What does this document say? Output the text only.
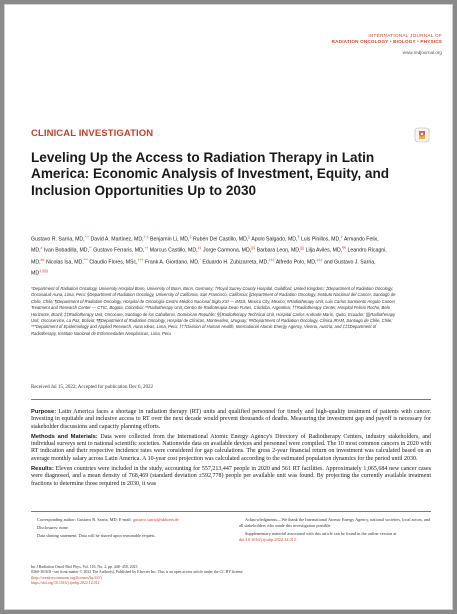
INTERNATIONAL JOURNAL OF
RADIATION ONCOLOGY • BIOLOGY • PHYSICS
www.redjournal.org
CLINICAL INVESTIGATION
Leveling Up the Access to Radiation Therapy in Latin America: Economic Analysis of Investment, Equity, and Inclusion Opportunities Up to 2030
Gustavo R. Sarria, MD,*,† David A. Martinez, MD,†,‡ Benjamin Li, MD,§ Rubén Del Castillo, MD,|| Apolo Salgado, MD,¶ Luis Pinillos, MD,‡ Armando Felix, MD,# Ivan Bobadilla, MD,** Gustavo Ferraris, MD,†† Marcus Castillo, MD,‡‡ Jorge Carmona, MD,§§ Barbara Leon, MD,|||| Lilja Aviles, MD,¶¶ Leandro Ricagni, MD,## Nicolas Isa, MD,*** Claudio Flores, MSc,††† Frank A. Giordano, MD,* Eduardo H. Zubizarreta, MD,‡‡‡ Alfredo Polo, MD,‡‡‡ and Gustavo J. Sarria, MD‡,§§§
*Department of Radiation Oncology, University Hospital Bonn, University of Bonn, Bonn, Germany; †Royal Surrey County Hospital, Guildford, United Kingdom; ‡Department of Radiation Oncology, Oncosalud-Auna, Lima, Peru; §Department of Radiation Oncology, University of California, San Francisco, California; ||Department of Radiation Oncology, Instituto Nacional del Cancer, Santiago de Chile, Chile; ¶Department of Radiation Oncology, Hospital de Oncología Centro Médico Nacional Siglo XXI — IMSS, Mexico City, Mexico; #Radiotherapy Unit, Luis Carlos Sarmiento Angulo Cancer Treatment and Research Center — CTIC, Bogota, Colombia; **Radiotherapy Unit, Centro de Radioterapia Dean Funes, Córdoba, Argentina; ††Radiotherapy Center, Hospital Felicio Rocho, Belo Horizonte, Brazil; ‡‡Radiotherapy Unit, Oncocare, Santiago de los Caballeros, Dominican Republic; §§Radiotherapy Technical Unit, Hospital Carlos Andrade Marín, Quito, Ecuador; ||||Radiotherapy Unit, Oncoservice, La Paz, Bolivia; ¶¶Department of Radiation Oncology, Hospital de Clínicas, Montevideo, Uruguay; ##Department of Radiation Oncology, Clínica IRAM, Santiago de Chile, Chile; ***Department of Epidemiology and Applied Research, Auna Ideas, Lima, Peru; †††Division of Human Health, International Atomic Energy Agency, Vienna, Austria; and ‡‡‡Department of Radiotherapy, Instituto Nacional de Enfermedades Neoplasicas, Lima, Peru
Received Jul 15, 2022; Accepted for publication Dec 6, 2022

Purpose: Latin America faces a shortage in radiation therapy (RT) units and qualified personnel for timely and high-quality treatment of patients with cancer. Investing in equitable and inclusive access to RT over the next decade would prevent thousands of deaths. Measuring the investment gap and payoff is necessary for stakeholder discussions and capacity planning efforts.

Methods and Materials: Data were collected from the International Atomic Energy Agency's Directory of Radiotherapy Centers, industry stakeholders, and individual surveys sent to national scientific societies. Nationwide data on available devices and personnel were compiled. The 10 most common cancers in 2020 with RT indication and their respective incidence rates were considered for gap calculations. The gross 2-year financial return on investment was calculated based on an average monthly salary across Latin America. A 10-year cost projection was calculated according to the estimated population dynamics for the period until 2030.

Results: Eleven countries were included in the study, accounting for 557,213,447 people in 2020 and 561 RT facilities. Approximately 1,065,684 new cancer cases were diagnosed, and a mean density of 768,469 (standard deviation ±592,778) people per available unit was found. By projecting the currently available treatment fractions to determine those required in 2030, it was

Corresponding author: Gustavo R. Sarria, MD; E-mail: gustavo.sarria@ukbonn.de

Disclosures: none.

Data sharing statement: Data will be shared upon reasonable request.

Acknowledgments—We thank the International Atomic Energy Agency, national societies, local actors, and all stakeholders who made this investigation possible.

Supplementary material associated with this article can be found in the online version at doi:10.1016/j.ijrobp.2022.12.012.

Int J Radiation Oncol Biol Phys, Vol. 116, No. 2, pp. 448−458, 2023
0360-3016/$ - see front matter © 2022 The Author(s). Published by Elsevier Inc. This is an open access article under the CC BY license
(http://creativecommons.org/licenses/by/4.0/)
https://doi.org/10.1016/j.ijrobp.2022.12.012
